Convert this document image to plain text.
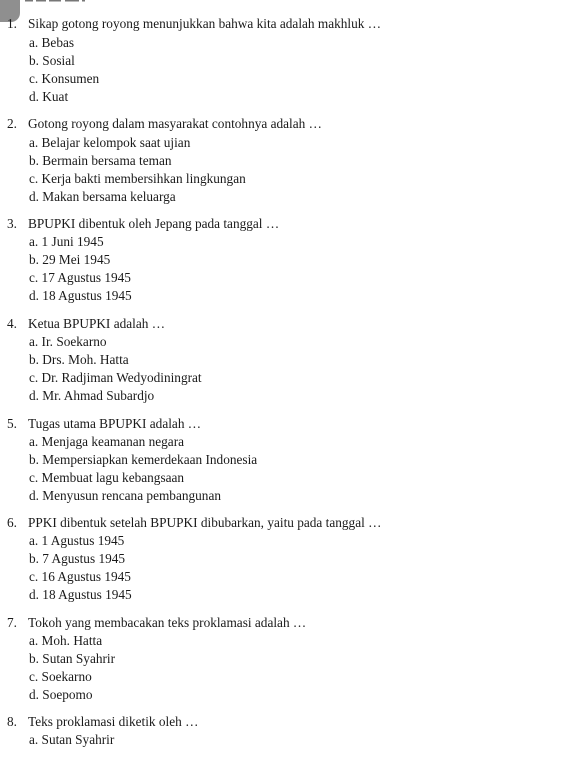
1. Sikap gotong royong menunjukkan bahwa kita adalah makhluk …
a. Bebas
b. Sosial
c. Konsumen
d. Kuat
2. Gotong royong dalam masyarakat contohnya adalah …
a. Belajar kelompok saat ujian
b. Bermain bersama teman
c. Kerja bakti membersihkan lingkungan
d. Makan bersama keluarga
3. BPUPKI dibentuk oleh Jepang pada tanggal …
a. 1 Juni 1945
b. 29 Mei 1945
c. 17 Agustus 1945
d. 18 Agustus 1945
4. Ketua BPUPKI adalah …
a. Ir. Soekarno
b. Drs. Moh. Hatta
c. Dr. Radjiman Wedyodiningrat
d. Mr. Ahmad Subardjo
5. Tugas utama BPUPKI adalah …
a. Menjaga keamanan negara
b. Mempersiapkan kemerdekaan Indonesia
c. Membuat lagu kebangsaan
d. Menyusun rencana pembangunan
6. PPKI dibentuk setelah BPUPKI dibubarkan, yaitu pada tanggal …
a. 1 Agustus 1945
b. 7 Agustus 1945
c. 16 Agustus 1945
d. 18 Agustus 1945
7. Tokoh yang membacakan teks proklamasi adalah …
a. Moh. Hatta
b. Sutan Syahrir
c. Soekarno
d. Soepomo
8. Teks proklamasi diketik oleh …
a. Sutan Syahrir
